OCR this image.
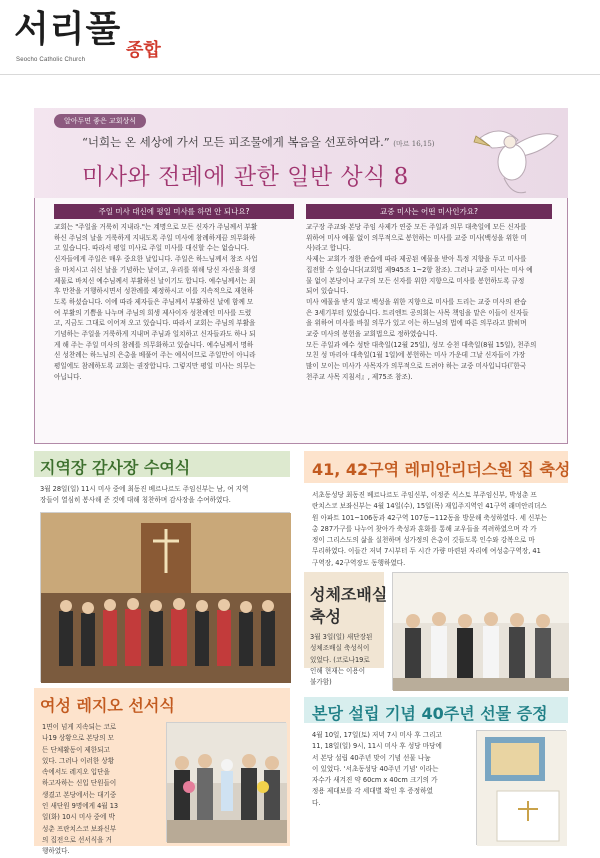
서리풀
Seocho Catholic Church 종합
알아두면 좋은 교회상식
“너희는 온 세상에 가서 모든 피조물에게 복음을 선포하여라.” (마르 16,15)
미사와 전례에 관한 일반 상식 8
주일 미사 대신에 평일 미사를 하면 안 되나요?
교회는 "주일을 거룩히 지내라."는 계명으로 모든 신자가 주님께서 부활
하신 주님의 날을 거룩하게 지내도록 주일 미사에 참례하게끔 의무화하
고 있습니다. 따라서 평일 미사로 주일 미사를 대신할 수는 없습니다.
신자들에게 주일은 매우 중요한 날입니다. 주일은 하느님께서 창조 사업
을 마치시고 쉬신 날을 기념하는 날이고, 우리를 위해 당신 자신을 희생
제물로 바치신 예수님께서 부활하신 날이기도 합니다. 예수님께서는 최
후 만찬을 거행하시면서 성찬례를 제정하시고 이를 지속적으로 재현하
도록 하셨습니다. 이에 따라 제자들은 주님께서 부활하신 날에 함께 모
여 부활의 기쁨을 나누며 주님의 희생 제사이자 성찬례인 미사를 드렸
고, 지금도 그대로 이어져 오고 있습니다. 따라서 교회는 주님의 부활을
기념하는 주일을 거룩하게 지내며 주님과 일치하고 신자들과도 하나 되
게 해 주는 주일 미사의 참례를 의무화하고 있습니다. 예수님께서 명하
신 성찬례는 하느님의 은총을 베풀어 주는 예식이므로 주일만이 아니라
평일에도 참례하도록 교회는 권장합니다. 그렇지만 평일 미사는 의무는
아닙니다.
교중 미사는 어떤 미사인가요?
교구장 주교와 본당 주임 사제가 연중 모든 주일과 의무 대축일에 모든 신자를
위하여 미사 예물 없이 의무적으로 봉헌하는 미사를 교중 미사(백성을 위한 미
사)라고 합니다.
사제는 교회가 정한 관습에 따라 제공된 예물을 받아 특정 지향을 두고 미사를
집전할 수 있습니다(교회법 제945조 1~2항 참조). 그러나 교중 미사는 미사 예
물 없이 본당이나 교구의 모든 신자를 위한 지향으로 미사를 봉헌하도록 규정
되어 있습니다.
미사 예물을 받지 않고 백성을 위한 지향으로 미사를 드리는 교중 미사의 관습
은 3세기부터 있었습니다. 트리엔트 공의회는 사목 책임을 맡은 이들이 신자들
을 위하여 미사를 바칠 의무가 있고 이는 하느님의 법에 따른 의무라고 밝히며
교중 미사의 봉헌을 교회법으로 정하였습니다.
모든 주일과 예수 성탄 대축일(12월 25일), 성모 승천 대축일(8월 15일), 천주의
모친 성 마리아 대축일(1월 1일)에 봉헌하는 미사 가운데 그날 신자들이 가장
많이 모이는 미사가 사목자가 의무적으로 드려야 하는 교중 미사입니다(『한국
천주교 사목 지침서』, 제75조 참조).
지역장 감사장 수여식
3월 28일(일) 11시 미사 중에 최동진 베르나르도 주임신부는 남, 여 지역
장들이 열심히 봉사해 준 것에 대해 칭찬하며 감사장을 수여하였다.
여성 레지오 선서식
1면이 넘게 지속되는 코로
나19 상황으로 본당의 모
든 단체활동이 제한되고
있다. 그러나 이러한 상황
속에서도 레지오 입단을
하고자하는 신입 단원들이
생겼고 본당에서는 대기중
인 새단원 9명에게 4월 13
일(화) 10시 미사 중에 박
성춘 프란치스코 보좌신부
의 집전으로 선서식을 거
행하였다.
41, 42구역 레미안리더스원 집 축성
서초동성당 최동진 베르나르도 주임신부, 이정준 식스토 부주임신부, 박성춘 프
란치스코 보좌신부는 4월 14일(수), 15일(목) 재입주지역인 41구역 래미안리더스
원 아파트 101~106동과 42구역 107동~112동을 방문해 축성하였다. 세 신부는
총 287가구를 나누어 찾아가 축성과 훈화를 통해 교우들을 격려하였으며 각 가
정이 그리스도의 삶을 실천하며 성가정의 은총이 깃들도록 인수와 강복으로 마
무리하였다. 이들간 저녁 7시부터 두 시간 가량 마련된 자리에 여성총구역장, 41
구역장, 42구역장도 동행하였다.
성체조배실
축성
3월 3일(일) 새단장된
성체조배실 축성식이
있었다. (코로나19로
인해 현재는 이용이
불가함)
본당 설립 기념 40주년 선물 증정
4월 10일, 17일(토) 저녁 7시 미사 후 그리고
11, 18일(일) 9시, 11시 미사 후 성당 마당에
서 본당 설립 40주년 맞이 기념 선물 나눔
이 있었다. '서초동성당 40주년 기념' 이라는
자수가 새겨진 약 60cm x 40cm 크기의 가
정용 제대보를 각 세대별 확인 후 증정하였
다.
